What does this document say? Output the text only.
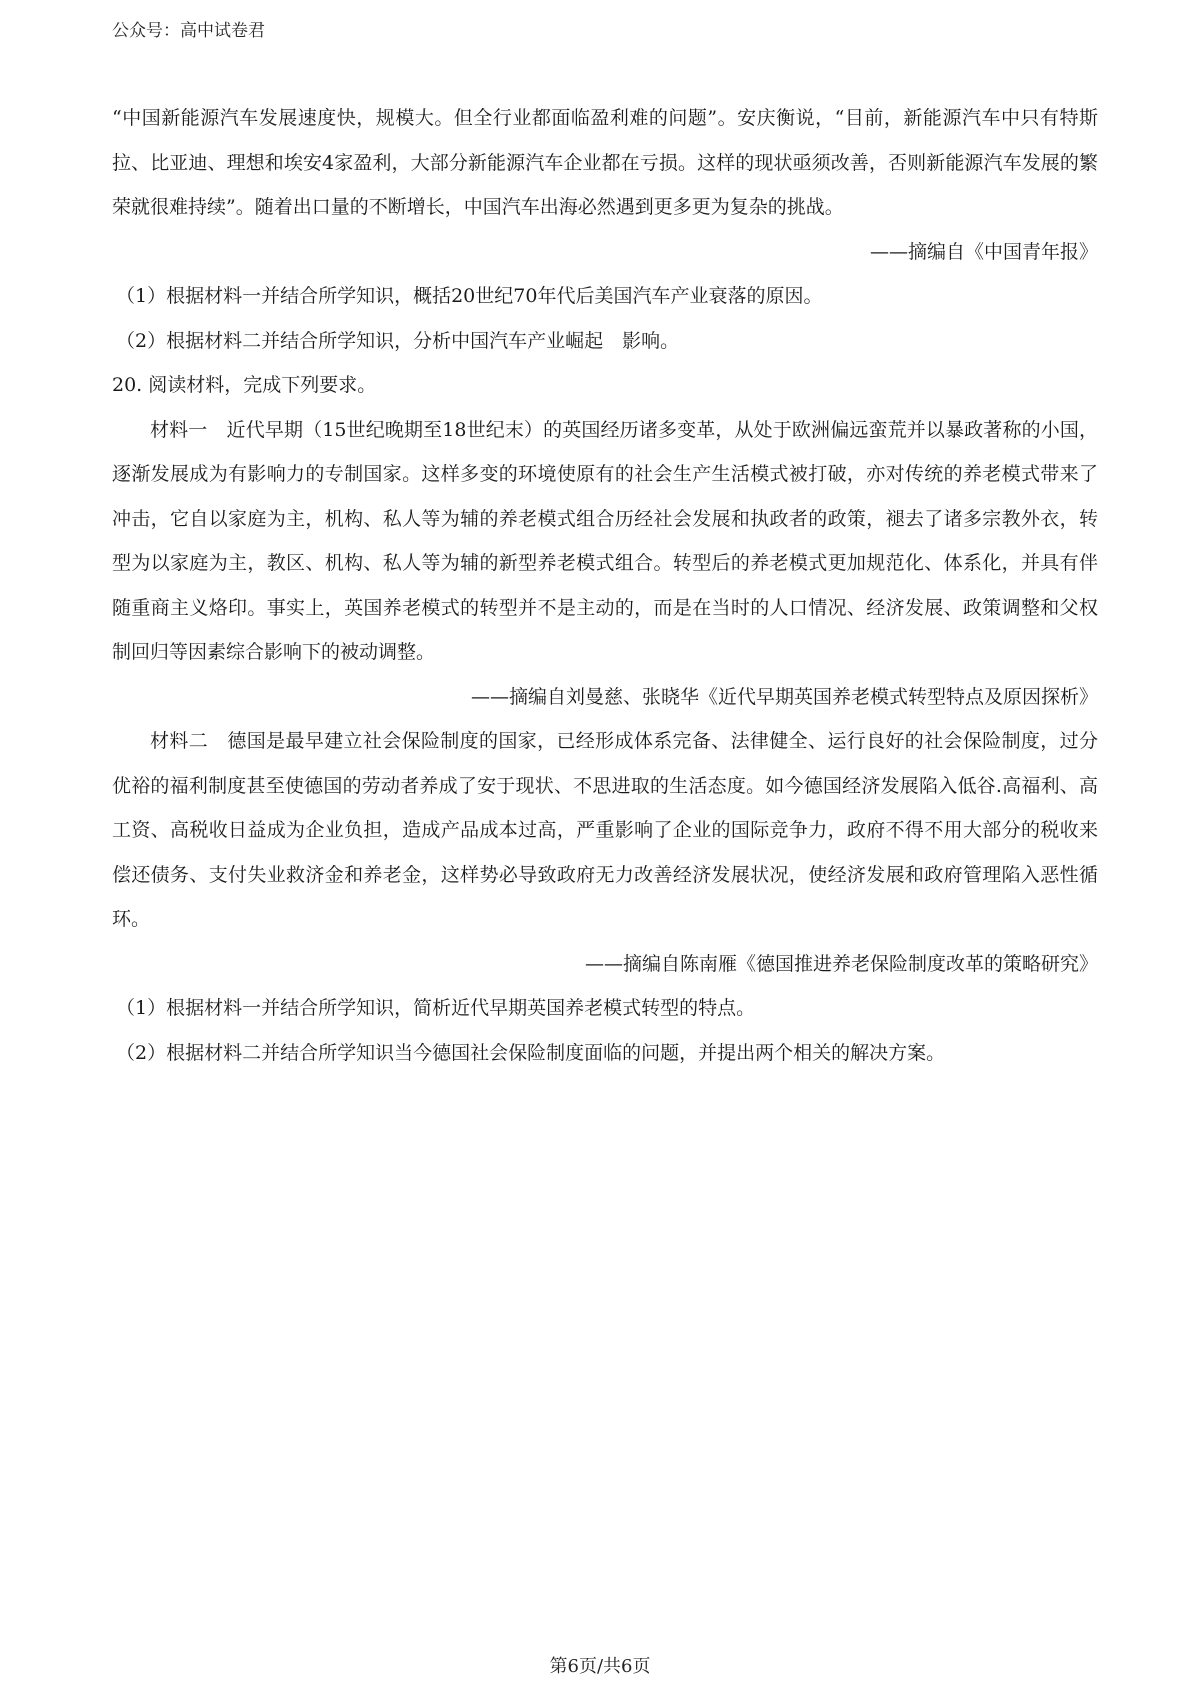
公众号：高中试卷君

“中国新能源汽车发展速度快，规模大。但全行业都面临盈利难的问题”。安庆衡说，“目前，新能源汽车中只有特斯拉、比亚迪、理想和埃安4家盈利，大部分新能源汽车企业都在亏损。这样的现状亟须改善，否则新能源汽车发展的繁荣就很难持续”。随着出口量的不断增长，中国汽车出海必然遇到更多更为复杂的挑战。

——摘编自《中国青年报》

（1）根据材料一并结合所学知识，概括20世纪70年代后美国汽车产业衰落的原因。

（2）根据材料二并结合所学知识，分析中国汽车产业崛起　影响。

20. 阅读材料，完成下列要求。

材料一　近代早期（15世纪晚期至18世纪末）的英国经历诸多变革，从处于欧洲偏远蛮荒并以暴政著称的小国，逐渐发展成为有影响力的专制国家。这样多变的环境使原有的社会生产生活模式被打破，亦对传统的养老模式带来了冲击，它自以家庭为主，机构、私人等为辅的养老模式组合历经社会发展和执政者的政策，褪去了诸多宗教外衣，转型为以家庭为主，教区、机构、私人等为辅的新型养老模式组合。转型后的养老模式更加规范化、体系化，并具有伴随重商主义烙印。事实上，英国养老模式的转型并不是主动的，而是在当时的人口情况、经济发展、政策调整和父权制回归等因素综合影响下的被动调整。

——摘编自刘曼慈、张晓华《近代早期英国养老模式转型特点及原因探析》

材料二　德国是最早建立社会保险制度的国家，已经形成体系完备、法律健全、运行良好的社会保险制度，过分优裕的福利制度甚至使德国的劳动者养成了安于现状、不思进取的生活态度。如今德国经济发展陷入低谷.高福利、高工资、高税收日益成为企业负担，造成产品成本过高，严重影响了企业的国际竞争力，政府不得不用大部分的税收来偿还债务、支付失业救济金和养老金，这样势必导致政府无力改善经济发展状况，使经济发展和政府管理陷入恶性循环。

——摘编自陈南雁《德国推进养老保险制度改革的策略研究》

（1）根据材料一并结合所学知识，简析近代早期英国养老模式转型的特点。

（2）根据材料二并结合所学知识当今德国社会保险制度面临的问题，并提出两个相关的解决方案。

第6页/共6页
